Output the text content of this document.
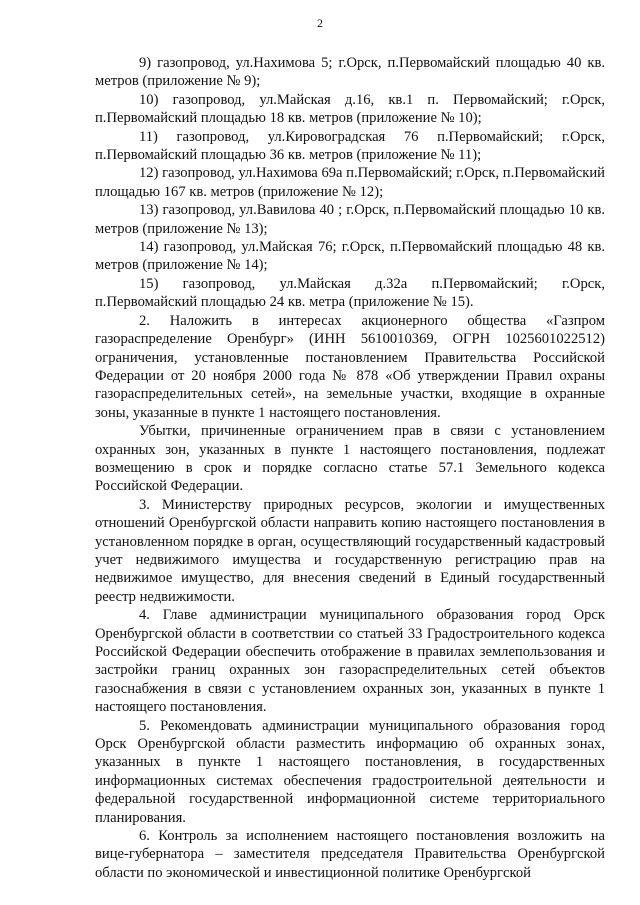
2

9) газопровод, ул.Нахимова 5; г.Орск, п.Первомайский площадью 40 кв. метров (приложение № 9);

10) газопровод, ул.Майская д.16, кв.1 п. Первомайский; г.Орск, п.Первомайский площадью 18 кв. метров (приложение № 10);

11) газопровод, ул.Кировоградская 76 п.Первомайский; г.Орск, п.Первомайский площадью 36 кв. метров (приложение № 11);

12) газопровод, ул.Нахимова 69а п.Первомайский; г.Орск, п.Первомайский площадью 167 кв. метров (приложение № 12);

13) газопровод, ул.Вавилова 40 ; г.Орск, п.Первомайский площадью 10 кв. метров (приложение № 13);

14) газопровод, ул.Майская 76; г.Орск, п.Первомайский площадью 48 кв. метров (приложение № 14);

15) газопровод, ул.Майская д.32а п.Первомайский; г.Орск, п.Первомайский площадью 24 кв. метра (приложение № 15).

2. Наложить в интересах акционерного общества «Газпром газораспределение Оренбург» (ИНН 5610010369, ОГРН 1025601022512) ограничения, установленные постановлением Правительства Российской Федерации от 20 ноября 2000 года № 878 «Об утверждении Правил охраны газораспределительных сетей», на земельные участки, входящие в охранные зоны, указанные в пункте 1 настоящего постановления.

Убытки, причиненные ограничением прав в связи с установлением охранных зон, указанных в пункте 1 настоящего постановления, подлежат возмещению в срок и порядке согласно статье 57.1 Земельного кодекса Российской Федерации.

3. Министерству природных ресурсов, экологии и имущественных отношений Оренбургской области направить копию настоящего постановления в установленном порядке в орган, осуществляющий государственный кадастровый учет недвижимого имущества и государственную регистрацию прав на недвижимое имущество, для внесения сведений в Единый государственный реестр недвижимости.

4. Главе администрации муниципального образования город Орск Оренбургской области в соответствии со статьей 33 Градостроительного кодекса Российской Федерации обеспечить отображение в правилах землепользования и застройки границ охранных зон газораспределительных сетей объектов газоснабжения в связи с установлением охранных зон, указанных в пункте 1 настоящего постановления.

5. Рекомендовать администрации муниципального образования город Орск Оренбургской области разместить информацию об охранных зонах, указанных в пункте 1 настоящего постановления, в государственных информационных системах обеспечения градостроительной деятельности и федеральной государственной информационной системе территориального планирования.

6. Контроль за исполнением настоящего постановления возложить на вице-губернатора – заместителя председателя Правительства Оренбургской области по экономической и инвестиционной политике Оренбургской
